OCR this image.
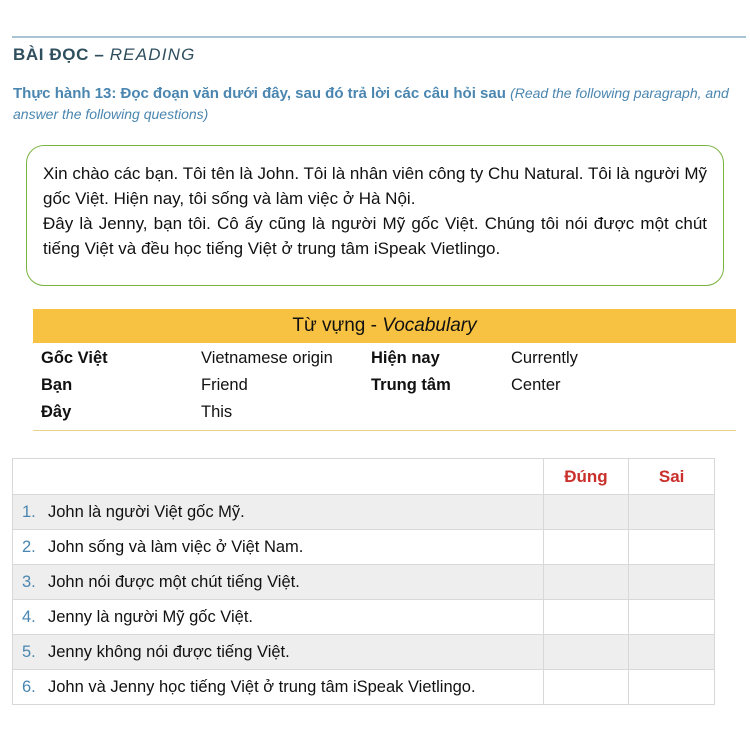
BÀI ĐỌC – READING
Thực hành 13: Đọc đoạn văn dưới đây, sau đó trả lời các câu hỏi sau (Read the following paragraph, and answer the following questions)

Xin chào các bạn. Tôi tên là John. Tôi là nhân viên công ty Chu Natural. Tôi là người Mỹ gốc Việt. Hiện nay, tôi sống và làm việc ở Hà Nội.

Đây là Jenny, bạn tôi. Cô ấy cũng là người Mỹ gốc Việt. Chúng tôi nói được một chút tiếng Việt và đều học tiếng Việt ở trung tâm iSpeak Vietlingo.

Từ vựng - Vocabulary
Gốc Việt	Vietnamese origin	Hiện nay	Currently
Bạn	Friend	Trung tâm	Center
Đây	This
	Đúng	Sai
1. John là người Việt gốc Mỹ.		
2. John sống và làm việc ở Việt Nam.		
3. John nói được một chút tiếng Việt.		
4. Jenny là người Mỹ gốc Việt.		
5. Jenny không nói được tiếng Việt.		
6. John và Jenny học tiếng Việt ở trung tâm iSpeak Vietlingo.		
